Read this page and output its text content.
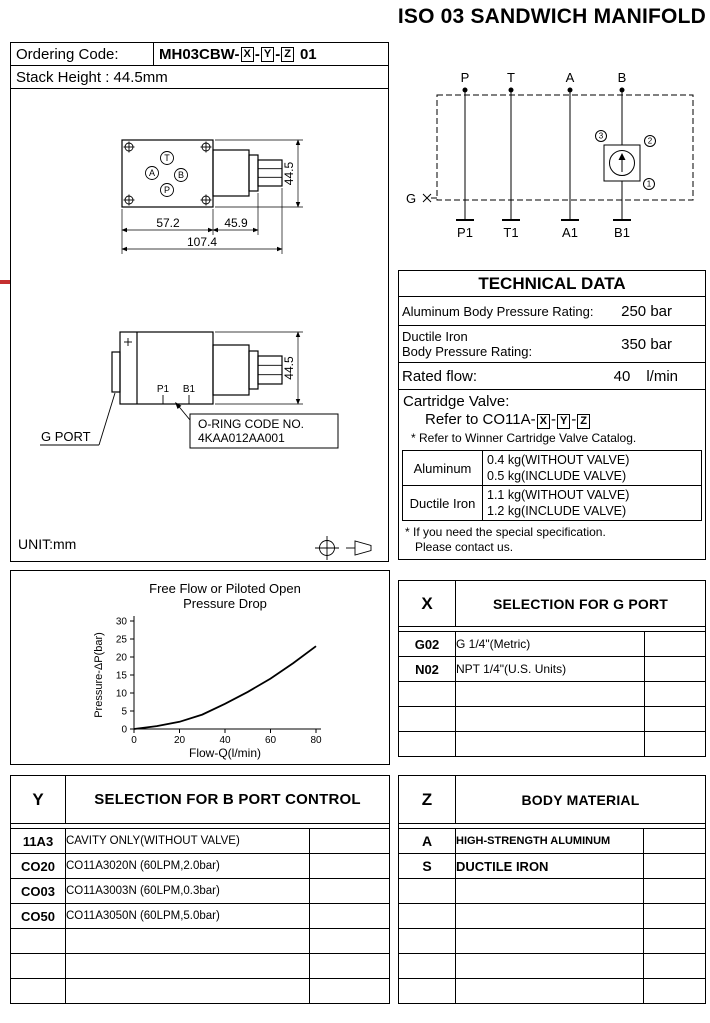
ISO 03 SANDWICH MANIFOLD
Ordering Code:	MH03CBW- X - Y - Z 01
Stack Height : 44.5mm
T
A	B
P
57.2	45.9
107.4
44.5
P1 B1
44.5
G PORT
O-RING CODE NO.
4KAA012AA001
UNIT:mm
P	T	A	B
P1 T1	A1	B1
G
3
2
1
TECHNICAL DATA
Aluminum Body Pressure Rating: 250 bar
Ductile Iron
Body Pressure Rating:	350 bar
Rated flow:	40 l/min
Cartridge Valve:
Refer to CO11A- X - Y - Z
* Refer to Winner Cartridge Valve Catalog.
Aluminum
0.4 kg(WITHOUT VALVE)
0.5 kg(INCLUDE VALVE)
Ductile Iron
1.1 kg(WITHOUT VALVE)
1.2 kg(INCLUDE VALVE)
* If you need the special specification.
Please contact us.
Free Flow or Piloted Open
Pressure Drop
Pressure-ΔP(bar)
Flow-Q(l/min)
0	20	40	60	80
0
5
10
15
20
25
30
X	SELECTION FOR G PORT	

G02	G 1/4"(Metric)	
N02	NPT 1/4"(U.S. Units)	

Y	SELECTION FOR B PORT CONTROL	

11A3	CAVITY ONLY(WITHOUT VALVE)	
CO20	CO11A3020N (60LPM,2.0bar)	
CO03	CO11A3003N (60LPM,0.3bar)	
CO50	CO11A3050N (60LPM,5.0bar)	

Z	BODY MATERIAL	

A	HIGH-STRENGTH ALUMINUM	
S	DUCTILE IRON	
